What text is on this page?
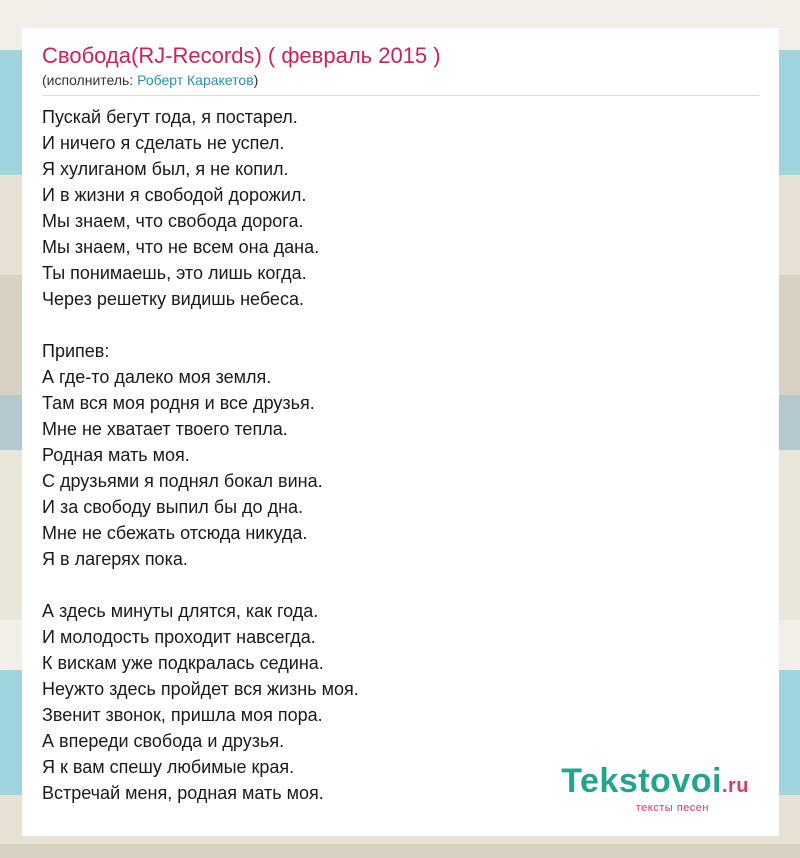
Свобода(RJ-Records) ( февраль 2015 )
(исполнитель: Роберт Каракетов)
Пускай бегут года, я постарел.
И ничего я сделать не успел.
Я хулиганом был, я не копил.
И в жизни я свободой дорожил.
Мы знаем, что свобода дорога.
Мы знаем, что не всем она дана.
Ты понимаешь, это лишь когда.
Через решетку видишь небеса.
Припев:
А где-то далеко моя земля.
Там вся моя родня и все друзья.
Мне не хватает твоего тепла.
Родная мать моя.
С друзьями я поднял бокал вина.
И за свободу выпил бы до дна.
Мне не сбежать отсюда никуда.
Я в лагерях пока.
А здесь минуты длятся, как года.
И молодость проходит навсегда.
К вискам уже подкралась седина.
Неужто здесь пройдет вся жизнь моя.
Звенит звонок, пришла моя пора.
А впереди свобода и друзья.
Я к вам спешу любимые края.
Встречай меня, родная мать моя.	Tekstovoi.ru
тексты песен
